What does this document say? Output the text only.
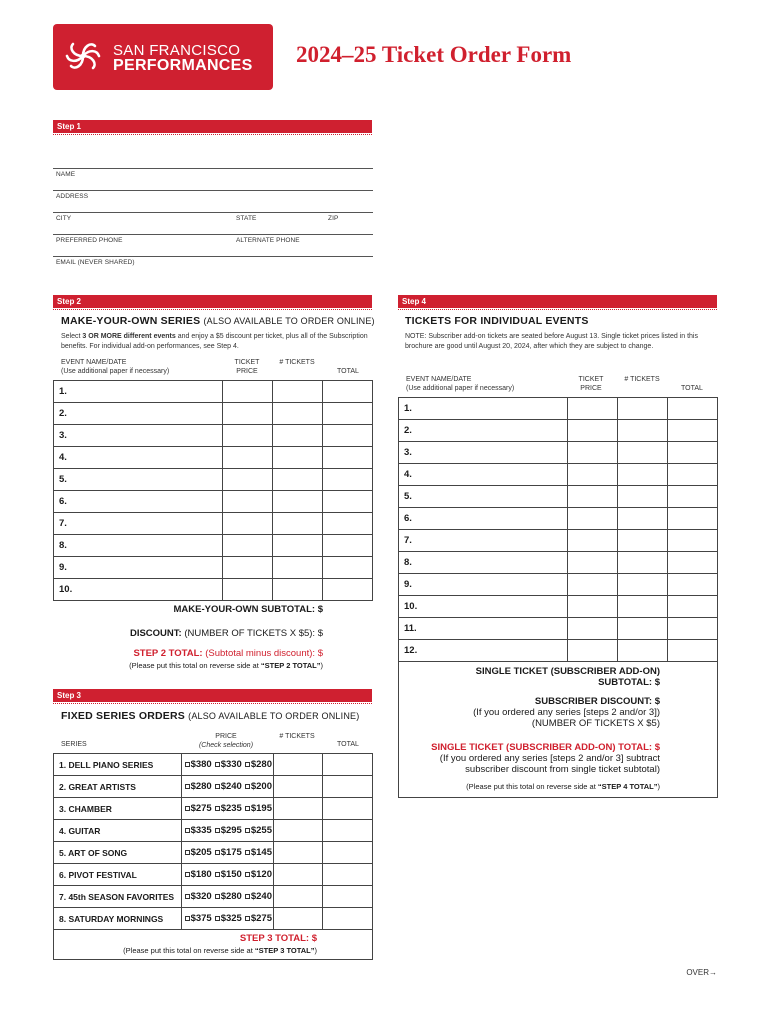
SAN FRANCISCO
PERFORMANCES 2024–25 Ticket Order Form
Step 1
NAME
ADDRESS
CITY	STATE	ZIP
PREFERRED PHONE	ALTERNATE PHONE
EMAIL (NEVER SHARED)
Step 2
MAKE-YOUR-OWN SERIES (ALSO AVAILABLE TO ORDER ONLINE)
Select 3 OR MORE different events and enjoy a $5 discount per ticket, plus all of the Subscription benefits. For individual add-on performances, see Step 4.
EVENT NAME/DATE
(Use additional paper if necessary)
TICKET PRICE
# TICKETS
TOTAL
1.			
2.			
3.			
4.			
5.			
6.			
7.			
8.			
9.			
10.			
MAKE-YOUR-OWN SUBTOTAL: $
DISCOUNT: (NUMBER OF TICKETS X $5): $
STEP 2 TOTAL: (Subtotal minus discount): $
(Please put this total on reverse side at “STEP 2 TOTAL”)
Step 3
FIXED SERIES ORDERS (ALSO AVAILABLE TO ORDER ONLINE)
SERIES
PRICE
(Check selection)
# TICKETS
TOTAL
1. DELL PIANO SERIES	$380 $330 $280		
2. GREAT ARTISTS	$280 $240 $200		
3. CHAMBER	$275 $235 $195		
4. GUITAR	$335 $295 $255		
5. ART OF SONG	$205 $175 $145		
6. PIVOT FESTIVAL	$180 $150 $120		
7. 45th SEASON FAVORITES	$320 $280 $240		
8. SATURDAY MORNINGS	$375 $325 $275		
STEP 3 TOTAL: $
(Please put this total on reverse side at “STEP 3 TOTAL”)
Step 4
TICKETS FOR INDIVIDUAL EVENTS
NOTE: Subscriber add-on tickets are seated before August 13. Single ticket prices listed in this brochure are good until August 20, 2024, after which they are subject to change.
EVENT NAME/DATE
(Use additional paper if necessary)
TICKET PRICE
# TICKETS
TOTAL
1.			
2.			
3.			
4.			
5.			
6.			
7.			
8.			
9.			
10.			
11.			
12.			
SINGLE TICKET (SUBSCRIBER ADD-ON)
SUBTOTAL: $
SUBSCRIBER DISCOUNT: $
(If you ordered any series [steps 2 and/or 3])
(NUMBER OF TICKETS X $5)
SINGLE TICKET (SUBSCRIBER ADD-ON) TOTAL: $
(If you ordered any series [steps 2 and/or 3] subtract
subscriber discount from single ticket subtotal)
(Please put this total on reverse side at “STEP 4 TOTAL”)
OVER→
